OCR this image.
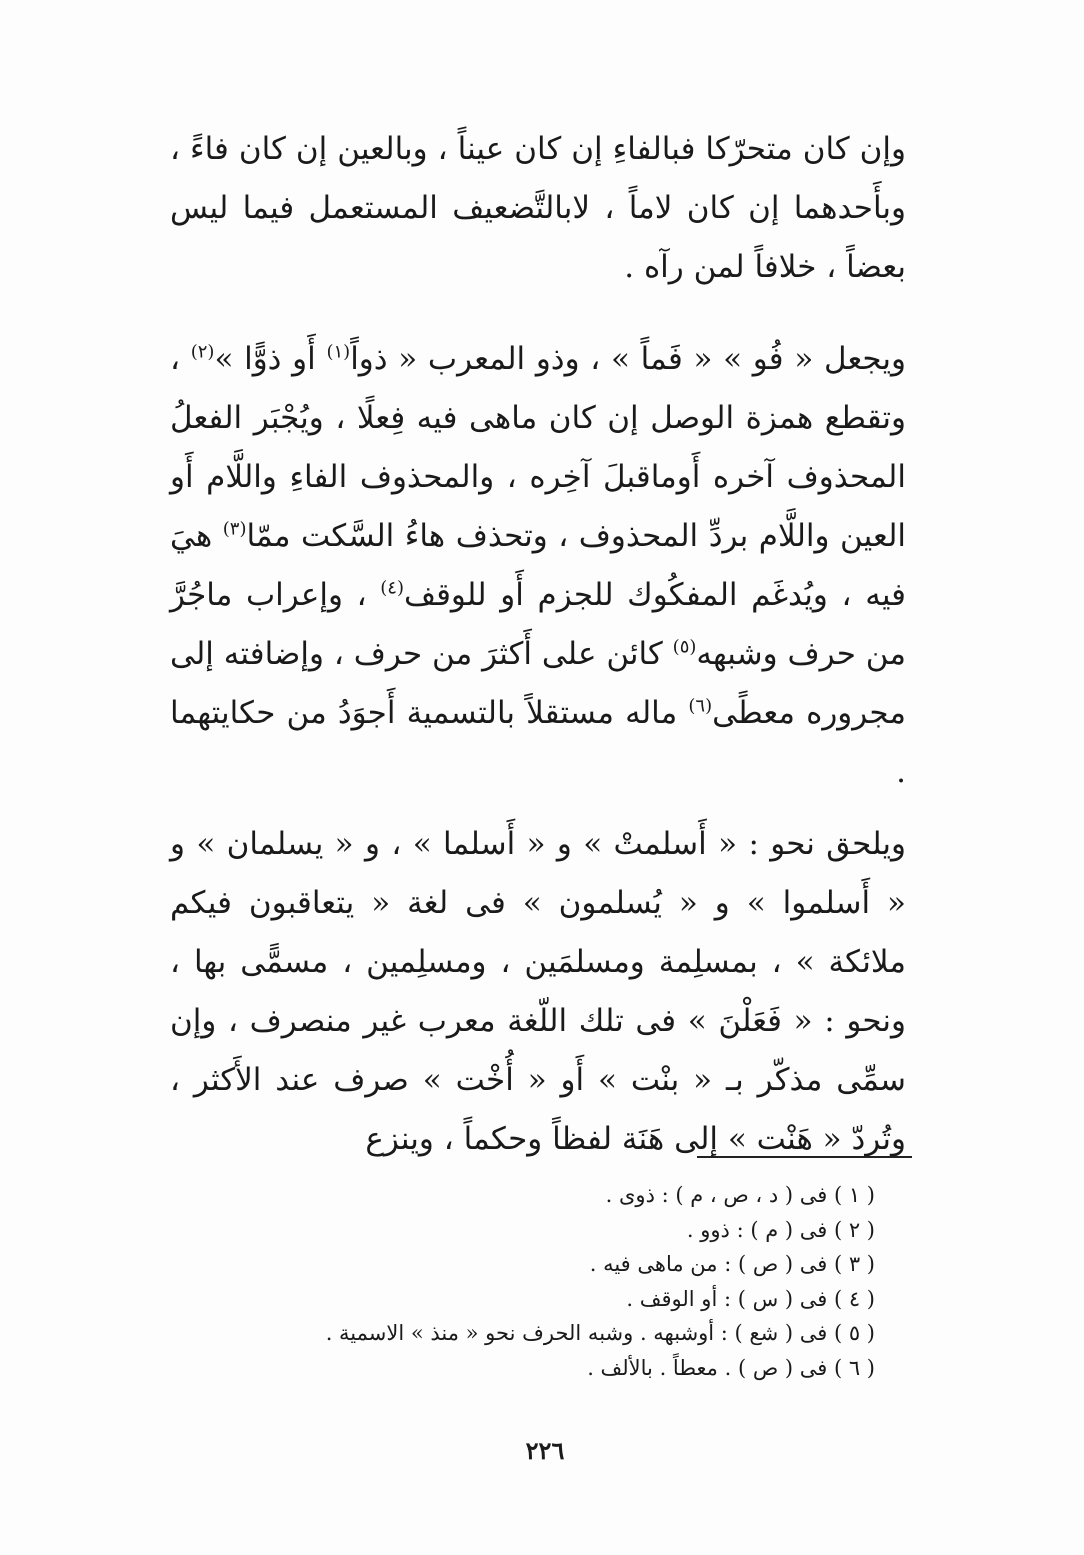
وإن كان متحرّكا فبالفاءِ إن كان عيناً ، وبالعين إن كان فاءً ، وبأَحدهما إن كان لاماً ، لابالتَّضعيف المستعمل فيما ليس بعضاً ، خلافاً لمن رآه .

ويجعل « فُو » « فَماً » ، وذو المعرب « ذواً$^{(١)}$ أَو ذوًّا »$^{(٢)}$ ، وتقطع همزة الوصل إن كان ماهى فيه فِعلًا ، ويُجْبَر الفعلُ المحذوف آخره أَوماقبلَ آخِره ، والمحذوف الفاءِ واللَّام أَو العين واللَّام بردِّ المحذوف ، وتحذف هاءُ السَّكت ممّا$^{(٣)}$ هيَ فيه ، ويُدغَم المفكُوك للجزم أَو للوقف$^{(٤)}$ ، وإعراب ماجُرَّ من حرف وشبهه$^{(٥)}$ كائن على أَكثرَ من حرف ، وإضافته إلى مجروره معطًى$^{(٦)}$ ماله مستقلاً بالتسمية أَجوَدُ من حكايتهما .

ويلحق نحو : « أَسلمتْ » و « أَسلما » ، و « يسلمان » و « أَسلموا » و « يُسلمون » فى لغة « يتعاقبون فيكم ملائكة » ، بمسلِمة ومسلمَين ، ومسلِمين ، مسمًّى بها ، ونحو : « فَعَلْنَ » فى تلك اللّغة معرب غير منصرف ، وإن سمِّى مذكّر بـ « بنْت » أَو « أُخْت » صرف عند الأَكثر ، وتُردّ « هَنْت » إلى هَنَة لفظاً وحكماً ، وينزع

( ١ ) فى ( د ، ص ، م ) : ذوى .

( ٢ ) فى ( م ) : ذوو .

( ٣ ) فى ( ص ) : من ماهى فيه .

( ٤ ) فى ( س ) : أو الوقف .

( ٥ ) فى ( شع ) : أوشبهه . وشبه الحرف نحو « منذ » الاسمية .

( ٦ ) فى ( ص ) . معطاً . بالألف .

٢٢٦
